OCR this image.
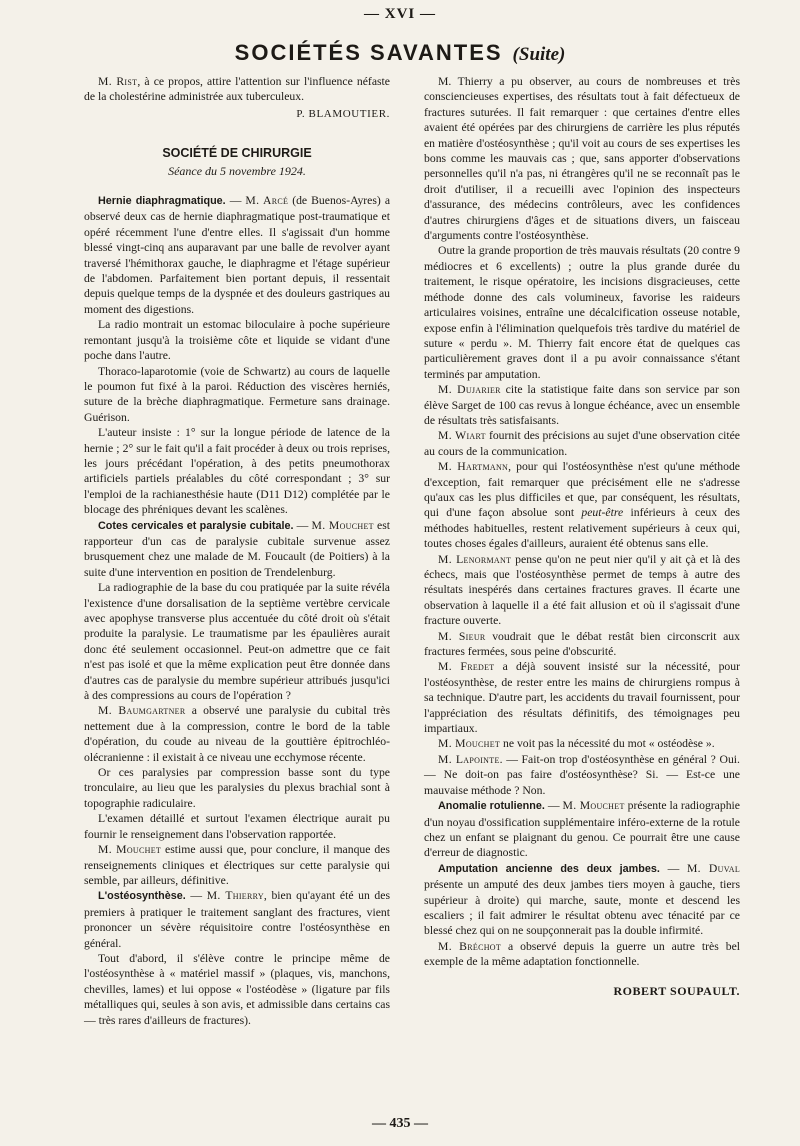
— XVI —
SOCIÉTÉS SAVANTES (Suite)

M. Rist, à ce propos, attire l'attention sur l'influence néfaste de la cholestérine administrée aux tuberculeux.

P. BLAMOUTIER.
SOCIÉTÉ DE CHIRURGIE
Séance du 5 novembre 1924.

Hernie diaphragmatique. — M. Arcé (de Buenos-Ayres) a observé deux cas de hernie diaphragmatique post-traumatique et opéré récemment l'une d'entre elles. Il s'agissait d'un homme blessé vingt-cinq ans auparavant par une balle de revolver ayant traversé l'hémithorax gauche, le diaphragme et l'étage supérieur de l'abdomen. Parfaitement bien portant depuis, il ressentait depuis quelque temps de la dyspnée et des douleurs gastriques au moment des digestions.

La radio montrait un estomac biloculaire à poche supérieure remontant jusqu'à la troisième côte et liquide se vidant d'une poche dans l'autre.

Thoraco-laparotomie (voie de Schwartz) au cours de laquelle le poumon fut fixé à la paroi. Réduction des viscères herniés, suture de la brèche diaphragmatique. Fermeture sans drainage. Guérison.

L'auteur insiste : 1° sur la longue période de latence de la hernie ; 2° sur le fait qu'il a fait procéder à deux ou trois reprises, les jours précédant l'opération, à des petits pneumothorax artificiels partiels préalables du côté correspondant ; 3° sur l'emploi de la rachianesthésie haute (D11 D12) complétée par le blocage des phréniques devant les scalènes.

Cotes cervicales et paralysie cubitale. — M. Mouchet est rapporteur d'un cas de paralysie cubitale survenue assez brusquement chez une malade de M. Foucault (de Poitiers) à la suite d'une intervention en position de Trendelenburg.

La radiographie de la base du cou pratiquée par la suite révéla l'existence d'une dorsalisation de la septième vertèbre cervicale avec apophyse transverse plus accentuée du côté droit où s'était produite la paralysie. Le traumatisme par les épaulières aurait donc été seulement occasionnel. Peut-on admettre que ce fait n'est pas isolé et que la même explication peut être donnée dans d'autres cas de paralysie du membre supérieur attribués jusqu'ici à des compressions au cours de l'opération ?

M. Baumgartner a observé une paralysie du cubital très nettement due à la compression, contre le bord de la table d'opération, du coude au niveau de la gouttière épitrochléo-olécranienne : il existait à ce niveau une ecchymose récente.

Or ces paralysies par compression basse sont du type tronculaire, au lieu que les paralysies du plexus brachial sont à topographie radiculaire.

L'examen détaillé et surtout l'examen électrique aurait pu fournir le renseignement dans l'observation rapportée.

M. Mouchet estime aussi que, pour conclure, il manque des renseignements cliniques et électriques sur cette paralysie qui semble, par ailleurs, définitive.

L'ostéosynthèse. — M. Thierry, bien qu'ayant été un des premiers à pratiquer le traitement sanglant des fractures, vient prononcer un sévère réquisitoire contre l'ostéosynthèse en général.

Tout d'abord, il s'élève contre le principe même de l'ostéosynthèse à « matériel massif » (plaques, vis, manchons, chevilles, lames) et lui oppose « l'ostéodèse » (ligature par fils métalliques qui, seules à son avis, et admissible dans certains cas — très rares d'ailleurs de fractures).

M. Thierry a pu observer, au cours de nombreuses et très consciencieuses expertises, des résultats tout à fait défectueux de fractures suturées. Il fait remarquer : que certaines d'entre elles avaient été opérées par des chirurgiens de carrière les plus réputés en matière d'ostéosynthèse ; qu'il voit au cours de ses expertises les bons comme les mauvais cas ; que, sans apporter d'observations personnelles qu'il n'a pas, ni étrangères qu'il ne se reconnaît pas le droit d'utiliser, il a recueilli avec l'opinion des inspecteurs d'assurance, des médecins contrôleurs, avec les confidences d'autres chirurgiens d'âges et de situations divers, un faisceau d'arguments contre l'ostéosynthèse.

Outre la grande proportion de très mauvais résultats (20 contre 9 médiocres et 6 excellents) ; outre la plus grande durée du traitement, le risque opératoire, les incisions disgracieuses, cette méthode donne des cals volumineux, favorise les raideurs articulaires voisines, entraîne une décalcification osseuse notable, expose enfin à l'élimination quelquefois très tardive du matériel de suture « perdu ». M. Thierry fait encore état de quelques cas particulièrement graves dont il a pu avoir connaissance s'étant terminés par amputation.

M. Dujarier cite la statistique faite dans son service par son élève Sarget de 100 cas revus à longue échéance, avec un ensemble de résultats très satisfaisants.

M. Wiart fournit des précisions au sujet d'une observation citée au cours de la communication.

M. Hartmann, pour qui l'ostéosynthèse n'est qu'une méthode d'exception, fait remarquer que précisément elle ne s'adresse qu'aux cas les plus difficiles et que, par conséquent, les résultats, qui d'une façon absolue sont peut-être inférieurs à ceux des méthodes habituelles, restent relativement supérieurs à ceux qui, toutes choses égales d'ailleurs, auraient été obtenus sans elle.

M. Lenormant pense qu'on ne peut nier qu'il y ait çà et là des échecs, mais que l'ostéosynthèse permet de temps à autre des résultats inespérés dans certaines fractures graves. Il écarte une observation à laquelle il a été fait allusion et où il s'agissait d'une fracture ouverte.

M. Sieur voudrait que le débat restât bien circonscrit aux fractures fermées, sous peine d'obscurité.

M. Fredet a déjà souvent insisté sur la nécessité, pour l'ostéosynthèse, de rester entre les mains de chirurgiens rompus à sa technique. D'autre part, les accidents du travail fournissent, pour l'appréciation des résultats définitifs, des témoignages peu impartiaux.

M. Mouchet ne voit pas la nécessité du mot « ostéodèse ».

M. Lapointe. — Fait-on trop d'ostéosynthèse en général ? Oui. — Ne doit-on pas faire d'ostéosynthèse? Si. — Est-ce une mauvaise méthode ? Non.

Anomalie rotulienne. — M. Mouchet présente la radiographie d'un noyau d'ossification supplémentaire inféro-externe de la rotule chez un enfant se plaignant du genou. Ce pourrait être une cause d'erreur de diagnostic.

Amputation ancienne des deux jambes. — M. Duval présente un amputé des deux jambes tiers moyen à gauche, tiers supérieur à droite) qui marche, saute, monte et descend les escaliers ; il fait admirer le résultat obtenu avec ténacité par ce blessé chez qui on ne soupçonnerait pas la double infirmité.

M. Bréchot a observé depuis la guerre un autre très bel exemple de la même adaptation fonctionnelle.

ROBERT SOUPAULT.
— 435 —
